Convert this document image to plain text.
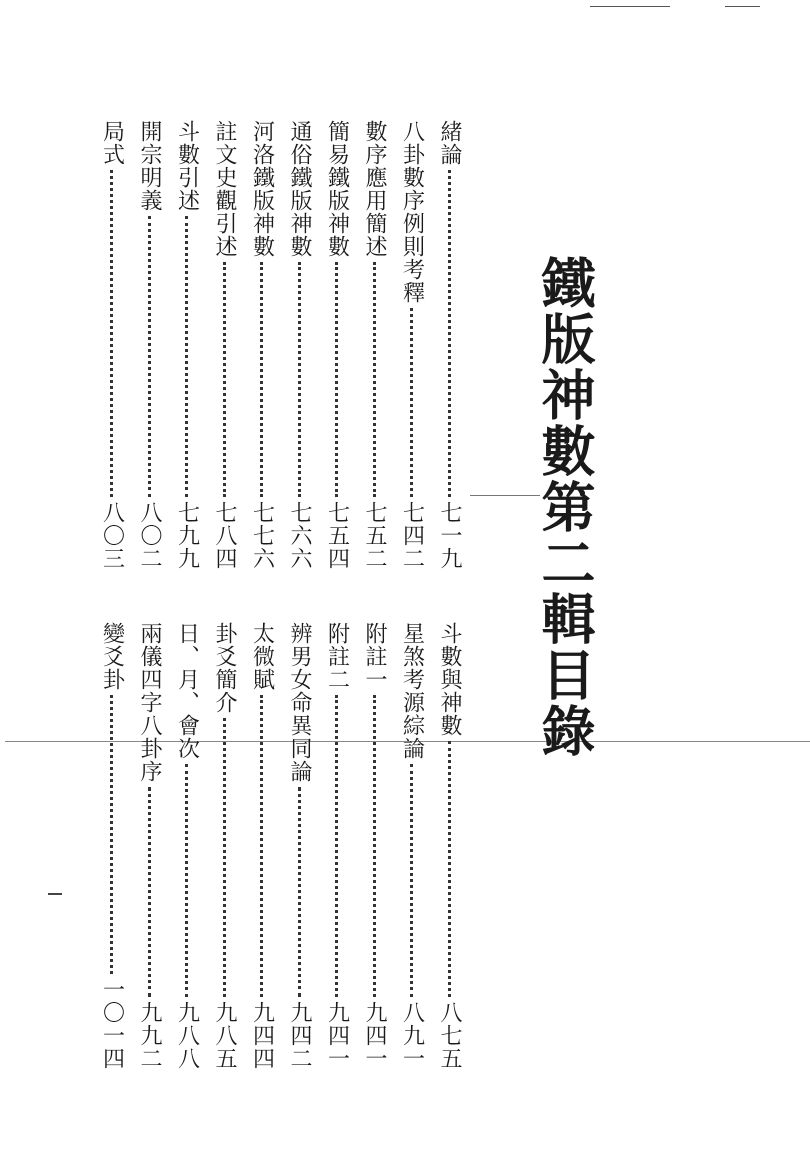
鐵版神數第二輯目錄
緒論
七一九
八卦數序例則考釋
七四二
數序應用簡述
七五二
簡易鐵版神數
七五四
通俗鐵版神數
七六六
河洛鐵版神數
七七六
註文史觀引述
七八四
斗數引述
七九九
開宗明義
八〇二
局式
八〇三
斗數與神數
八七五
星煞考源綜論
八九一
附註一
九四一
附註二
九四一
辨男女命異同論
九四二
太微賦
九四四
卦爻簡介
九八五
日、月、會次
九八八
兩儀四字八卦序
九九二
變爻卦
一〇一四
